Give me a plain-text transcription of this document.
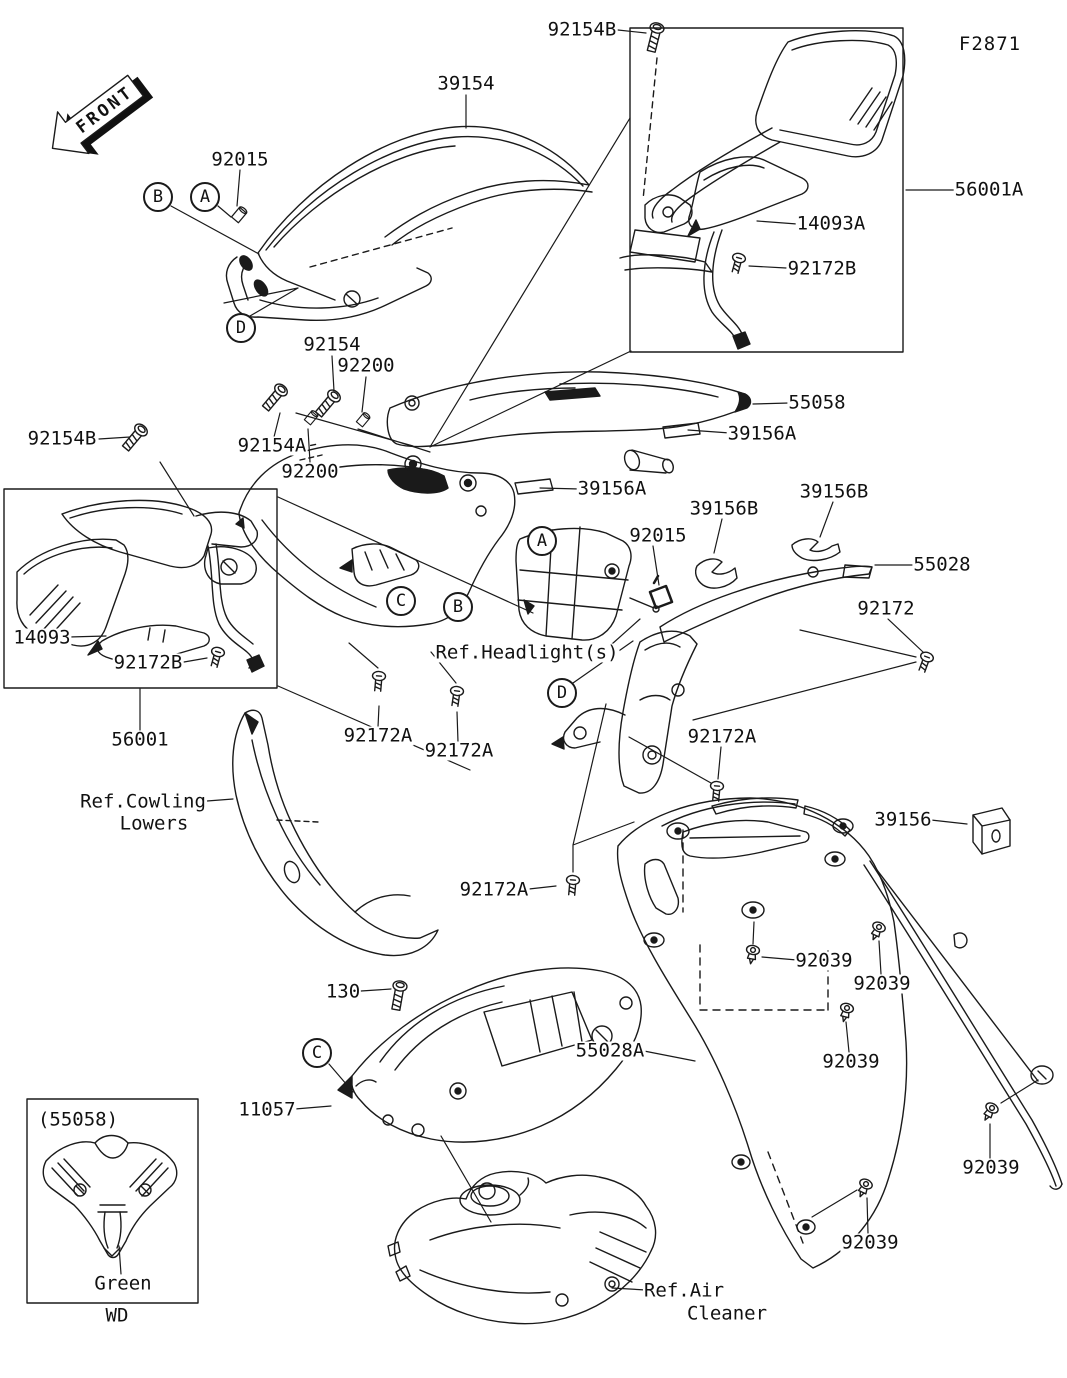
FRONT
F2871
39154
92015
92154B
14093A
92172B
56001A
92154
92200
55058
39156A
92154B	92154A
92200
39156A
39156B
39156B
92015
55028
92172
14093
92172B	Ref.Headlight(s)
56001	92172A
92172A
92172A
Ref.Cowling
Lowers	39156
92172A
92039
92039
130
55028A	92039
11057
(55058)
92039
92039
Green
WD
Ref.Air
Cleaner
B	A
D
A
C	B
D
C
